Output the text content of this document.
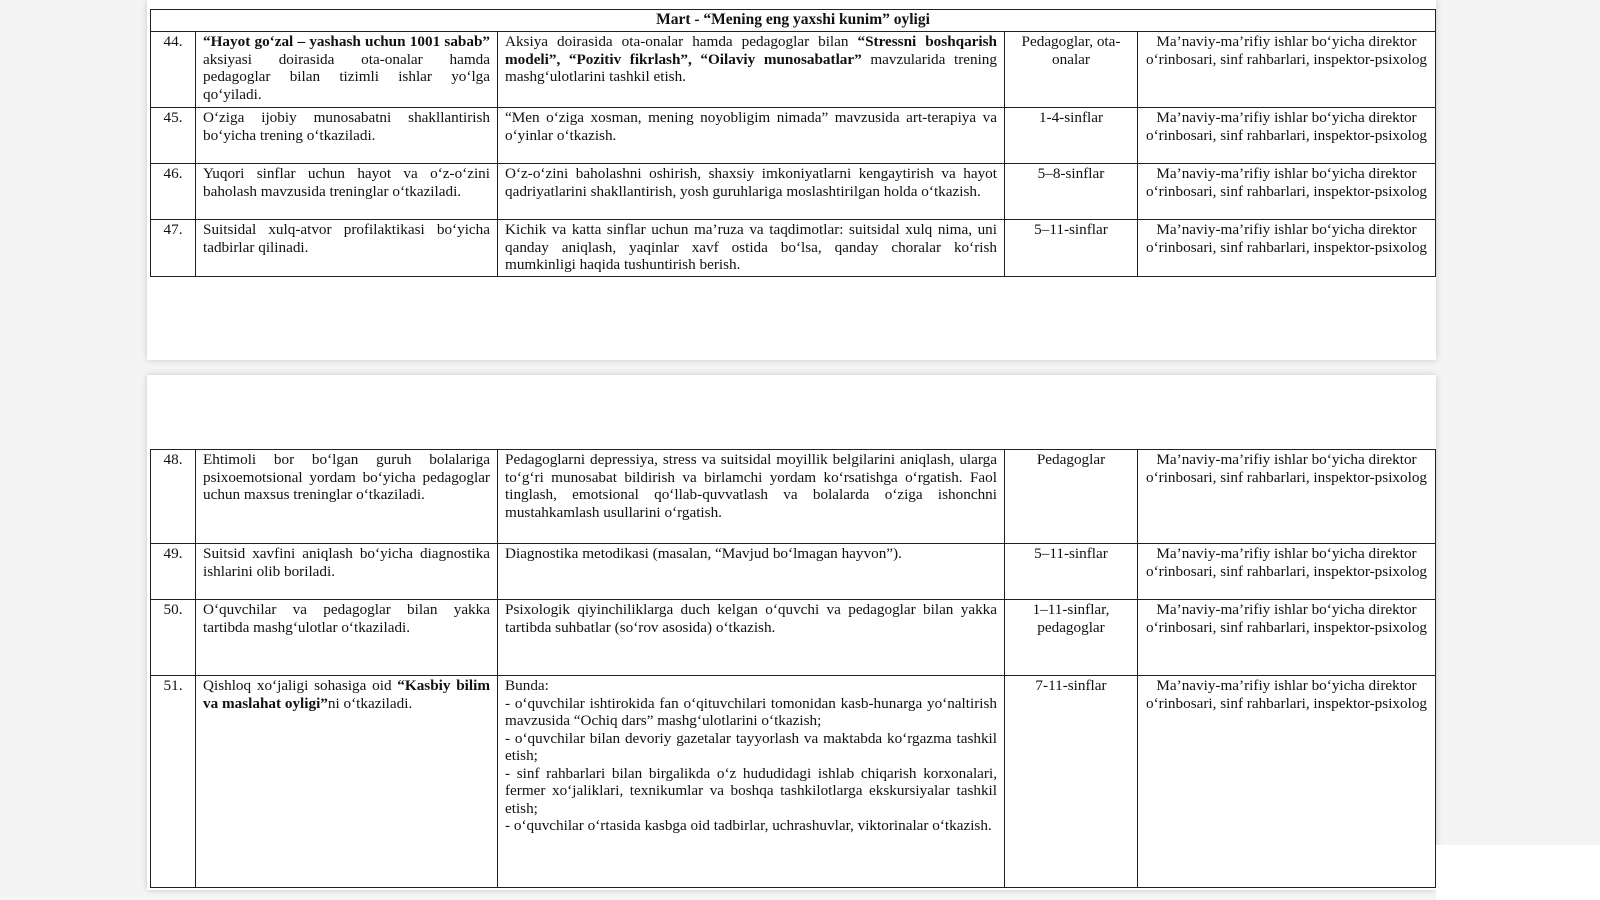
Mart - “Mening eng yaxshi kunim” oyligi				
44.	“Hayot go‘zal – yashash uchun 1001 sabab” aksiyasi doirasida ota-onalar hamda pedagoglar bilan tizimli ishlar yo‘lga qo‘yiladi.	Aksiya doirasida ota-onalar hamda pedagoglar bilan “Stressni boshqarish modeli”, “Pozitiv fikrlash”, “Oilaviy munosabatlar” mavzularida trening mashg‘ulotlarini tashkil etish.	Pedagoglar, ota-onalar	Ma’naviy-ma’rifiy ishlar bo‘yicha direktor o‘rinbosari, sinf rahbarlari, inspektor-psixolog
45.	O‘ziga ijobiy munosabatni shakllantirish bo‘yicha trening o‘tkaziladi.	“Men o‘ziga xosman, mening noyobligim nimada” mavzusida art-terapiya va o‘yinlar o‘tkazish.	1-4-sinflar	Ma’naviy-ma’rifiy ishlar bo‘yicha direktor o‘rinbosari, sinf rahbarlari, inspektor-psixolog
46.	Yuqori sinflar uchun hayot va o‘z-o‘zini baholash mavzusida treninglar o‘tkaziladi.	O‘z-o‘zini baholashni oshirish, shaxsiy imkoniyatlarni kengaytirish va hayot qadriyatlarini shakllantirish, yosh guruhlariga moslashtirilgan holda o‘tkazish.	5–8-sinflar	Ma’naviy-ma’rifiy ishlar bo‘yicha direktor o‘rinbosari, sinf rahbarlari, inspektor-psixolog
47.	Suitsidal xulq-atvor profilaktikasi bo‘yicha tadbirlar qilinadi.	Kichik va katta sinflar uchun ma’ruza va taqdimotlar: suitsidal xulq nima, uni qanday aniqlash, yaqinlar xavf ostida bo‘lsa, qanday choralar ko‘rish mumkinligi haqida tushuntirish berish.	5–11-sinflar	Ma’naviy-ma’rifiy ishlar bo‘yicha direktor o‘rinbosari, sinf rahbarlari, inspektor-psixolog
48.	Ehtimoli bor bo‘lgan guruh bolalariga psixoemotsional yordam bo‘yicha pedagoglar uchun maxsus treninglar o‘tkaziladi.	Pedagoglarni depressiya, stress va suitsidal moyillik belgilarini aniqlash, ularga to‘g‘ri munosabat bildirish va birlamchi yordam ko‘rsatishga o‘rgatish. Faol tinglash, emotsional qo‘llab-quvvatlash va bolalarda o‘ziga ishonchni mustahkamlash usullarini o‘rgatish.	Pedagoglar	Ma’naviy-ma’rifiy ishlar bo‘yicha direktor o‘rinbosari, sinf rahbarlari, inspektor-psixolog
49.	Suitsid xavfini aniqlash bo‘yicha diagnostika ishlarini olib boriladi.	Diagnostika metodikasi (masalan, “Mavjud bo‘lmagan hayvon”).	5–11-sinflar	Ma’naviy-ma’rifiy ishlar bo‘yicha direktor o‘rinbosari, sinf rahbarlari, inspektor-psixolog
50.	O‘quvchilar va pedagoglar bilan yakka tartibda mashg‘ulotlar o‘tkaziladi.	Psixologik qiyinchiliklarga duch kelgan o‘quvchi va pedagoglar bilan yakka tartibda suhbatlar (so‘rov asosida) o‘tkazish.	1–11-sinflar, pedagoglar	Ma’naviy-ma’rifiy ishlar bo‘yicha direktor o‘rinbosari, sinf rahbarlari, inspektor-psixolog
51.	Qishloq xo‘jaligi sohasiga oid “Kasbiy bilim va maslahat oyligi”ni o‘tkaziladi.	Bunda:
- o‘quvchilar ishtirokida fan o‘qituvchilari tomonidan kasb-hunarga yo‘naltirish mavzusida “Ochiq dars” mashg‘ulotlarini o‘tkazish;
- o‘quvchilar bilan devoriy gazetalar tayyorlash va maktabda ko‘rgazma tashkil etish;
- sinf rahbarlari bilan birgalikda o‘z hududidagi ishlab chiqarish korxonalari, fermer xo‘jaliklari, texnikumlar va boshqa tashkilotlarga ekskursiyalar tashkil etish;
- o‘quvchilar o‘rtasida kasbga oid tadbirlar, uchrashuvlar, viktorinalar o‘tkazish.	7-11-sinflar	Ma’naviy-ma’rifiy ishlar bo‘yicha direktor o‘rinbosari, sinf rahbarlari, inspektor-psixolog
